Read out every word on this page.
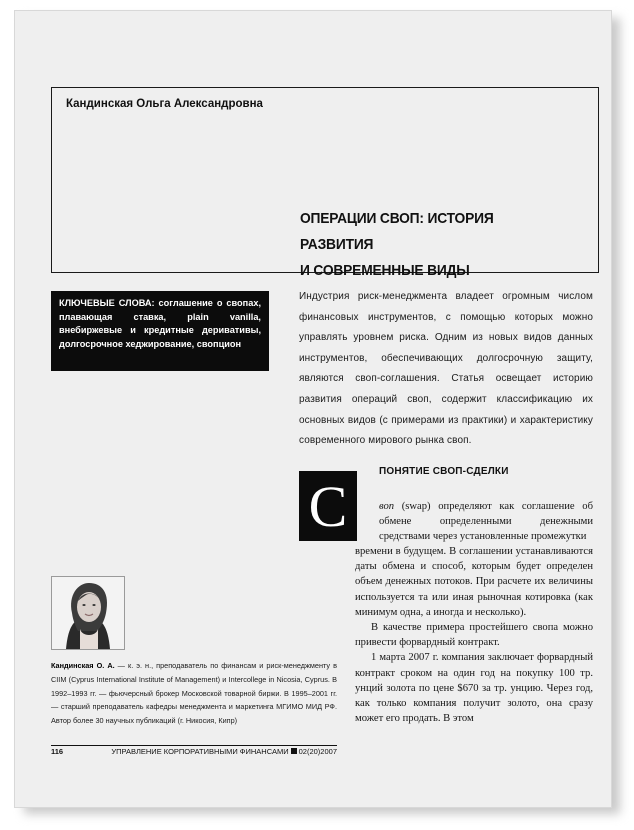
Кандинская Ольга Александровна
ОПЕРАЦИИ СВОП: ИСТОРИЯ РАЗВИТИЯ
И СОВРЕМЕННЫЕ ВИДЫ
КЛЮЧЕВЫЕ СЛОВА: соглашение о свопах, плавающая ставка, plain vanilla, внебиржевые и кредитные деривативы, долгосрочное хеджирование, свопцион
Индустрия риск-менеджмента владеет огромным числом финансовых инструментов, с помощью которых можно управлять уровнем риска. Одним из новых видов данных инструментов, обеспечивающих долгосрочную защиту, являются своп-соглашения. Статья освещает историю развития операций своп, содержит классификацию их основных видов (с примерами из практики) и характеристику современного мирового рынка своп.
ПОНЯТИЕ СВОП-СДЕЛКИ
С	воп (swap) определяют как соглашение об обмене определенными денежными средствами через установленные промежутки

времени в будущем. В соглашении устанавливаются даты обмена и способ, которым будет определен объем денежных потоков. При расчете их величины используется та или иная рыночная котировка (как минимум одна, а иногда и несколько).

В качестве примера простейшего свопа можно привести форвардный контракт.

1 марта 2007 г. компания заключает форвардный контракт сроком на один год на покупку 100 тр. унций золота по цене $670 за тр. унцию. Через год, как только компания получит золото, она сразу может его продать. В этом

Кандинская О. А. — к. э. н., преподаватель по финансам и риск-менеджменту в CIIM (Cyprus International Institute of Management) и Intercollege in Nicosia, Cyprus. В 1992–1993 гг. — фьючерсный брокер Московской товарной биржи. В 1995–2001 гг. — старший преподаватель кафедры менеджмента и маркетинга МГИМО МИД РФ. Автор более 30 научных публикаций (г. Никосия, Кипр)
116	УПРАВЛЕНИЕ КОРПОРАТИВНЫМИ ФИНАНСАМИ 02(20)2007
